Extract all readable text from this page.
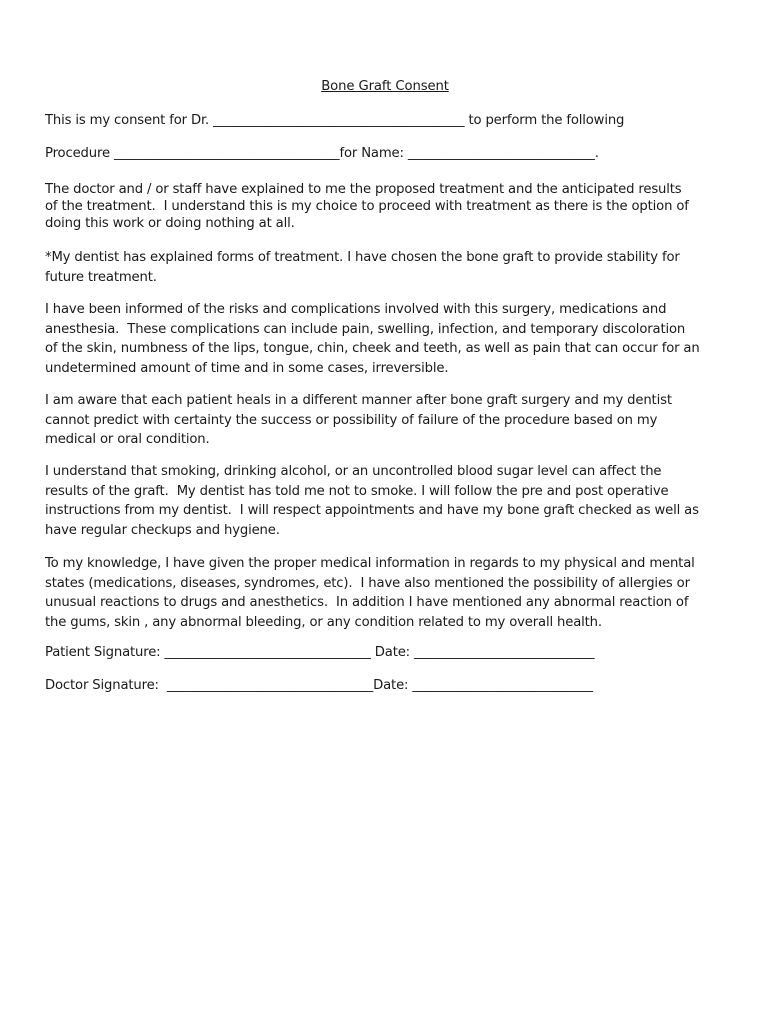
Bone Graft Consent
This is my consent for Dr. _______________________________________ to perform the following
Procedure ___________________________________for Name: _____________________________.
The doctor and / or staff have explained to me the proposed treatment and the anticipated results
of the treatment.  I understand this is my choice to proceed with treatment as there is the option of
doing this work or doing nothing at all.
*My dentist has explained forms of treatment. I have chosen the bone graft to provide stability for
future treatment.
I have been informed of the risks and complications involved with this surgery, medications and
anesthesia.  These complications can include pain, swelling, infection, and temporary discoloration
of the skin, numbness of the lips, tongue, chin, cheek and teeth, as well as pain that can occur for an
undetermined amount of time and in some cases, irreversible.
I am aware that each patient heals in a different manner after bone graft surgery and my dentist
cannot predict with certainty the success or possibility of failure of the procedure based on my
medical or oral condition.
I understand that smoking, drinking alcohol, or an uncontrolled blood sugar level can affect the
results of the graft.  My dentist has told me not to smoke. I will follow the pre and post operative
instructions from my dentist.  I will respect appointments and have my bone graft checked as well as
have regular checkups and hygiene.
To my knowledge, I have given the proper medical information in regards to my physical and mental
states (medications, diseases, syndromes, etc).  I have also mentioned the possibility of allergies or
unusual reactions to drugs and anesthetics.  In addition I have mentioned any abnormal reaction of
the gums, skin , any abnormal bleeding, or any condition related to my overall health.
Patient Signature: ________________________________ Date: ____________________________
Doctor Signature:  ________________________________Date: ____________________________
